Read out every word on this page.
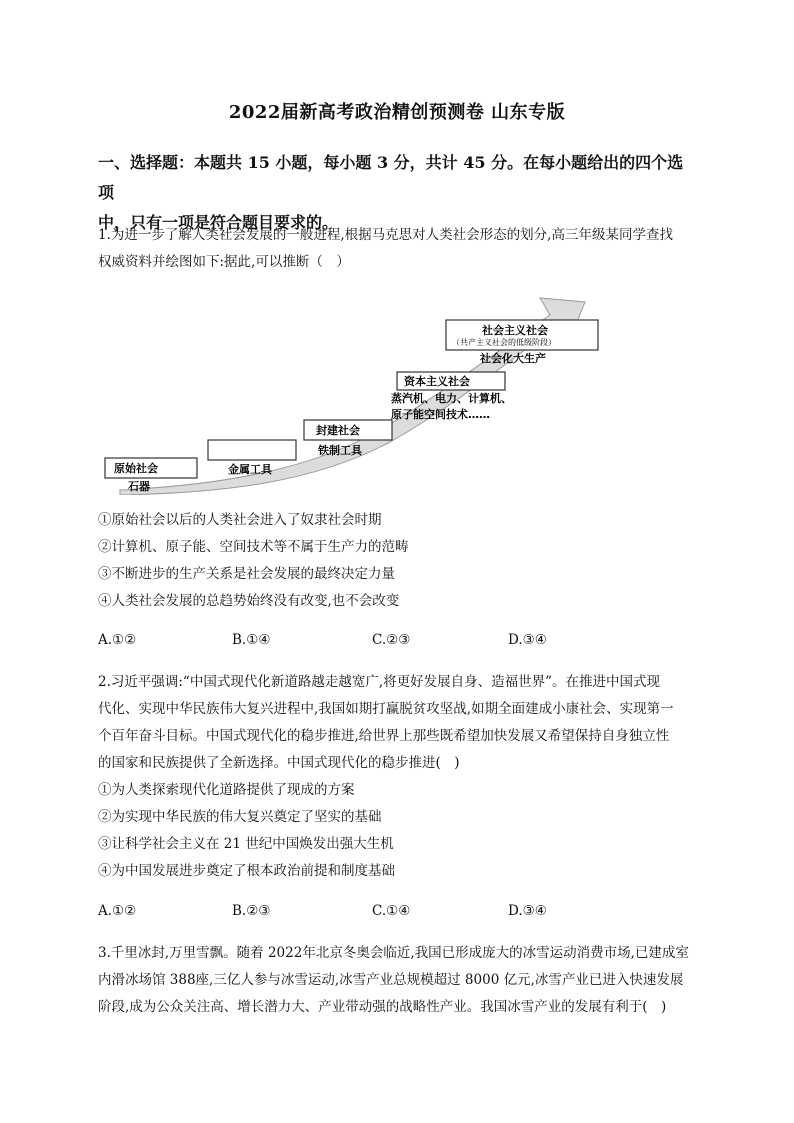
2022届新高考政治精创预测卷 山东专版
一、选择题：本题共 15 小题，每小题 3 分，共计 45 分。在每小题给出的四个选项
中，只有一项是符合题目要求的。
1.为进一步了解人类社会发展的一般进程,根据马克思对人类社会形态的划分,高三年级某同学查找
权威资料并绘图如下:据此,可以推断（　）
原始社会
石器
金属工具
封建社会
铁制工具
资本主义社会
蒸汽机、电力、计算机、
原子能空间技术……
社会主义社会
（共产主义社会的低级阶段）
社会化大生产
①原始社会以后的人类社会进入了奴隶社会时期
②计算机、原子能、空间技术等不属于生产力的范畴
③不断进步的生产关系是社会发展的最终决定力量
④人类社会发展的总趋势始终没有改变,也不会改变
A.①②	B.①④	C.②③	D.③④
2.习近平强调:“中国式现代化新道路越走越宽广,将更好发展自身、造福世界”。在推进中国式现
代化、实现中华民族伟大复兴进程中,我国如期打赢脱贫攻坚战,如期全面建成小康社会、实现第一
个百年奋斗目标。中国式现代化的稳步推进,给世界上那些既希望加快发展又希望保持自身独立性
的国家和民族提供了全新选择。中国式现代化的稳步推进(　)
①为人类探索现代化道路提供了现成的方案
②为实现中华民族的伟大复兴奠定了坚实的基础
③让科学社会主义在 21 世纪中国焕发出强大生机
④为中国发展进步奠定了根本政治前提和制度基础
A.①②	B.②③	C.①④	D.③④
3.千里冰封,万里雪飘。随着 2022年北京冬奥会临近,我国已形成庞大的冰雪运动消费市场,已建成室
内滑冰场馆 388座,三亿人参与冰雪运动,冰雪产业总规模超过 8000 亿元,冰雪产业已进入快速发展
阶段,成为公众关注高、增长潜力大、产业带动强的战略性产业。我国冰雪产业的发展有利于(　)
